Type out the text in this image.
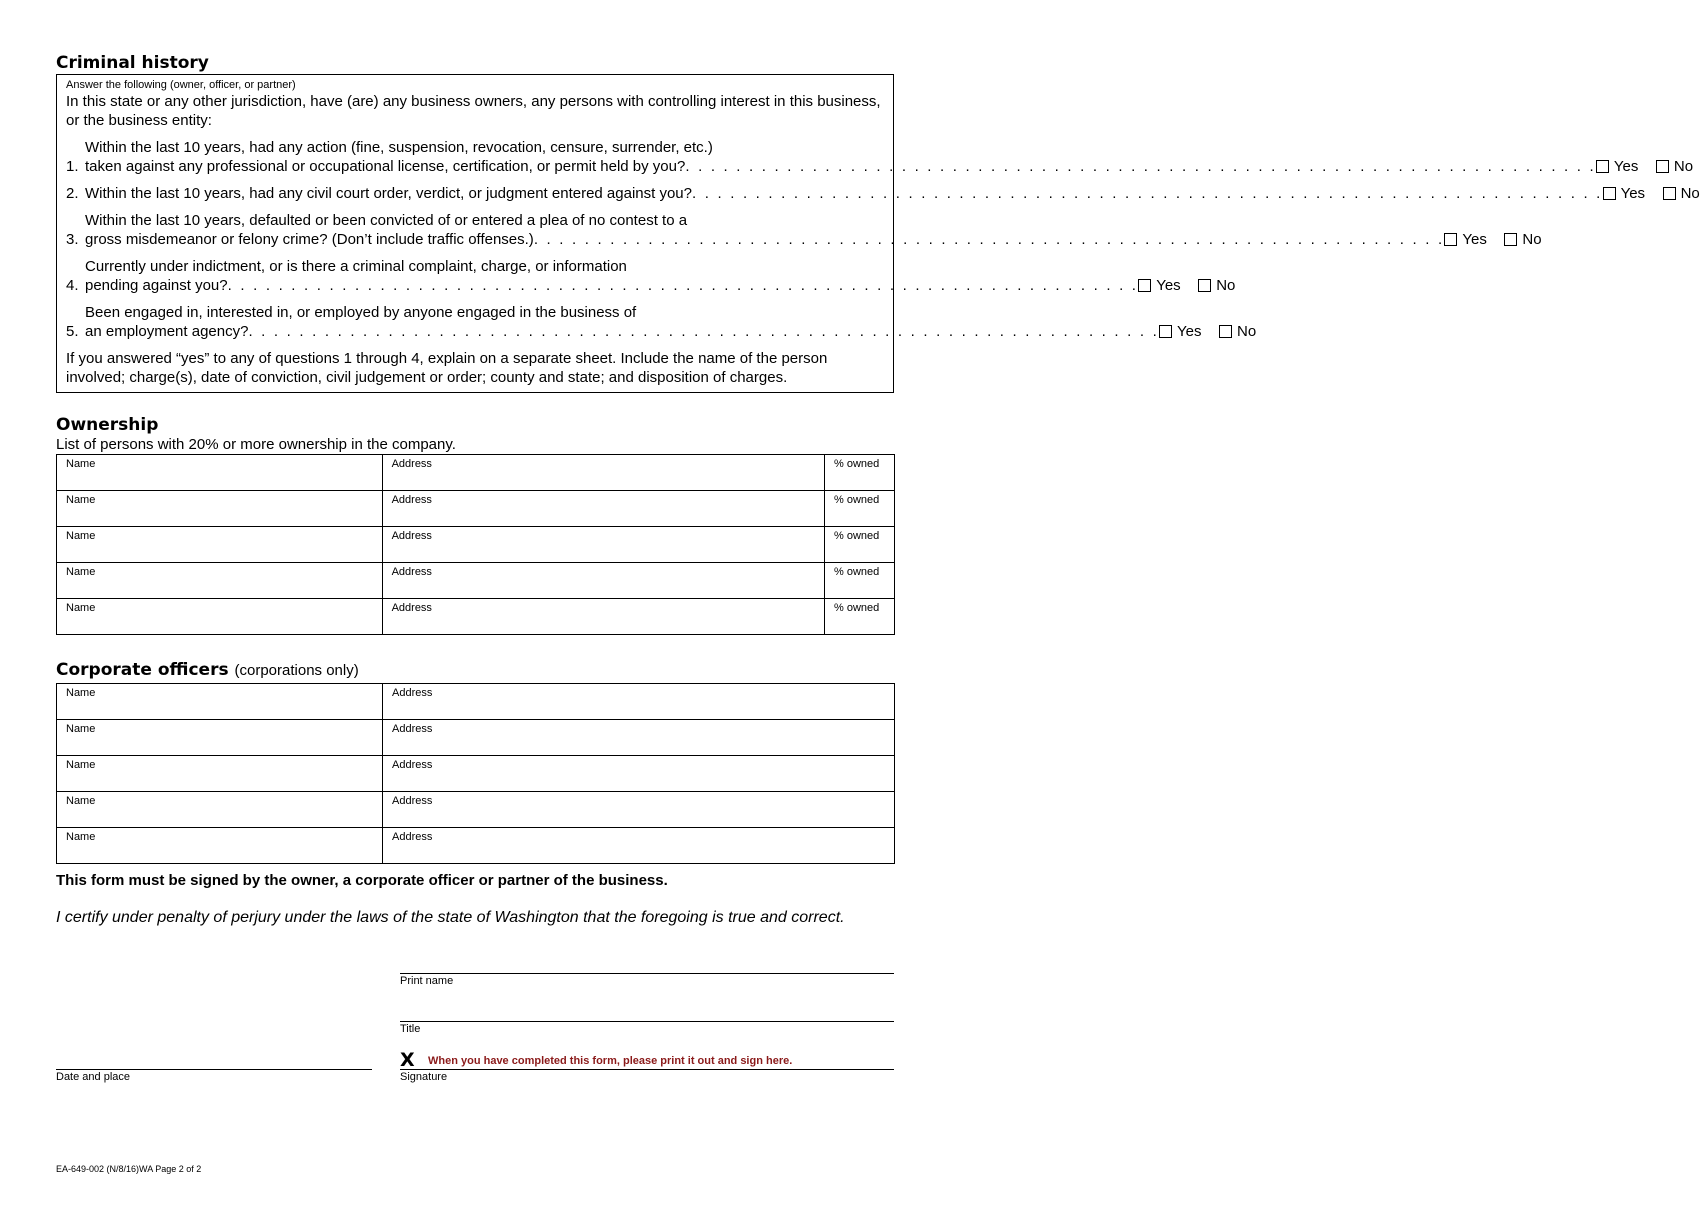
Criminal history
Answer the following (owner, officer, or partner)
In this state or any other jurisdiction, have (are) any business owners, any persons with controlling interest in this business, or the business entity:
1.
Within the last 10 years, had any action (fine, suspension, revocation, censure, surrender, etc.)
taken against any professional or occupational license, certification, or permit held by you? . . . . . . . . . . . . . . . . . . . . . . . . . . . . . . . . . . . . . . . . . . . . . . . . . . . . . . . . . . . . . . . . . . . . . . . . Yes No
2. Within the last 10 years, had any civil court order, verdict, or judgment entered against you? . . . . . . . . . . . . . . . . . . . . . . . . . . . . . . . . . . . . . . . . . . . . . . . . . . . . . . . . . . . . . . . . . . . . . . . . Yes No
3.
Within the last 10 years, defaulted or been convicted of or entered a plea of no contest to a
gross misdemeanor or felony crime? (Don’t include traffic offenses.) . . . . . . . . . . . . . . . . . . . . . . . . . . . . . . . . . . . . . . . . . . . . . . . . . . . . . . . . . . . . . . . . . . . . . . . . Yes No
4.
Currently under indictment, or is there a criminal complaint, charge, or information
pending against you? . . . . . . . . . . . . . . . . . . . . . . . . . . . . . . . . . . . . . . . . . . . . . . . . . . . . . . . . . . . . . . . . . . . . . . . . Yes No
5.
Been engaged in, interested in, or employed by anyone engaged in the business of
an employment agency? . . . . . . . . . . . . . . . . . . . . . . . . . . . . . . . . . . . . . . . . . . . . . . . . . . . . . . . . . . . . . . . . . . . . . . . . Yes No
If you answered “yes” to any of questions 1 through 4, explain on a separate sheet. Include the name of the person involved; charge(s), date of conviction, civil judgement or order; county and state; and disposition of charges.
Ownership
List of persons with 20% or more ownership in the company.
Name	Address	% owned
Name	Address	% owned
Name	Address	% owned
Name	Address	% owned
Name	Address	% owned
Corporate officers (corporations only)
Name	Address
Name	Address
Name	Address
Name	Address
Name	Address
This form must be signed by the owner, a corporate officer or partner of the business.
I certify under penalty of perjury under the laws of the state of Washington that the foregoing is true and correct.
Print name
Title
X When you have completed this form, please print it out and sign here.
Date and place	Signature
EA-649-002 (N/8/16)WA Page 2 of 2
